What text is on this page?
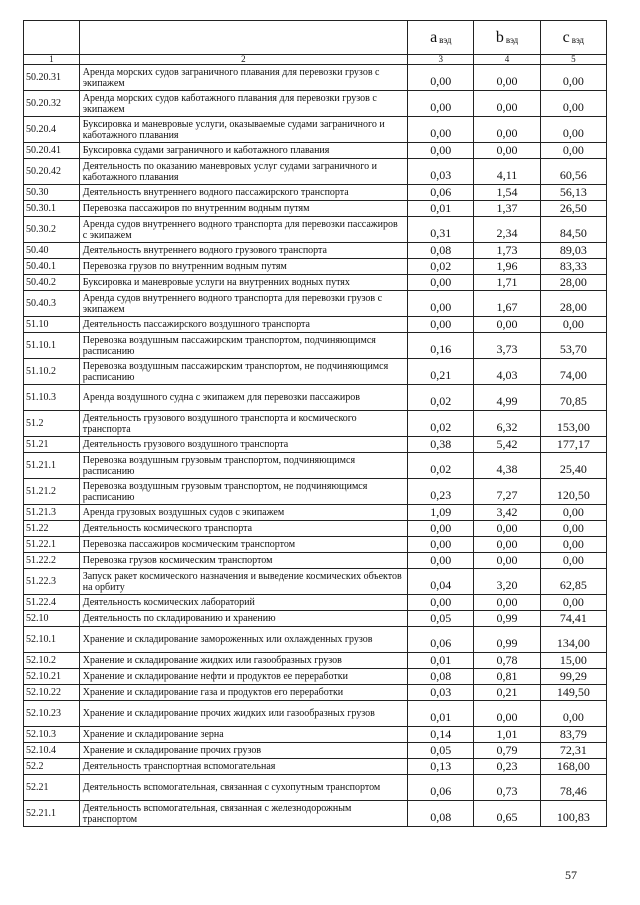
		a $_{вэд}$	b $_{вэд}$	c $_{вэд}$
1	2	3	4	5
50.20.31	Аренда морских судов заграничного плавания для перевозки грузов с экипажем	0,00	0,00	0,00
50.20.32	Аренда морских судов каботажного плавания для перевозки грузов с экипажем	0,00	0,00	0,00
50.20.4	Буксировка и маневровые услуги, оказываемые судами заграничного и каботажного плавания	0,00	0,00	0,00
50.20.41	Буксировка судами заграничного и каботажного плавания	0,00	0,00	0,00
50.20.42	Деятельность по оказанию маневровых услуг судами заграничного и каботажного плавания	0,03	4,11	60,56
50.30	Деятельность внутреннего водного пассажирского транспорта	0,06	1,54	56,13
50.30.1	Перевозка пассажиров по внутренним водным путям	0,01	1,37	26,50
50.30.2	Аренда судов внутреннего водного транспорта для перевозки пассажиров с экипажем	0,31	2,34	84,50
50.40	Деятельность внутреннего водного грузового транспорта	0,08	1,73	89,03
50.40.1	Перевозка грузов по внутренним водным путям	0,02	1,96	83,33
50.40.2	Буксировка и маневровые услуги на внутренних водных путях	0,00	1,71	28,00
50.40.3	Аренда судов внутреннего водного транспорта для перевозки грузов с экипажем	0,00	1,67	28,00
51.10	Деятельность пассажирского воздушного транспорта	0,00	0,00	0,00
51.10.1	Перевозка воздушным пассажирским транспортом, подчиняющимся расписанию	0,16	3,73	53,70
51.10.2	Перевозка воздушным пассажирским транспортом, не подчиняющимся расписанию	0,21	4,03	74,00
51.10.3	Аренда воздушного судна с экипажем для перевозки пассажиров	0,02	4,99	70,85
51.2	Деятельность грузового воздушного транспорта и космического транспорта	0,02	6,32	153,00
51.21	Деятельность грузового воздушного транспорта	0,38	5,42	177,17
51.21.1	Перевозка воздушным грузовым транспортом, подчиняющимся расписанию	0,02	4,38	25,40
51.21.2	Перевозка воздушным грузовым транспортом, не подчиняющимся расписанию	0,23	7,27	120,50
51.21.3	Аренда грузовых воздушных судов с экипажем	1,09	3,42	0,00
51.22	Деятельность космического транспорта	0,00	0,00	0,00
51.22.1	Перевозка пассажиров космическим транспортом	0,00	0,00	0,00
51.22.2	Перевозка грузов космическим транспортом	0,00	0,00	0,00
51.22.3	Запуск ракет космического назначения и выведение космических объектов на орбиту	0,04	3,20	62,85
51.22.4	Деятельность космических лабораторий	0,00	0,00	0,00
52.10	Деятельность по складированию и хранению	0,05	0,99	74,41
52.10.1	Хранение и складирование замороженных или охлажденных грузов	0,06	0,99	134,00
52.10.2	Хранение и складирование жидких или газообразных грузов	0,01	0,78	15,00
52.10.21	Хранение и складирование нефти и продуктов ее переработки	0,08	0,81	99,29
52.10.22	Хранение и складирование газа и продуктов его переработки	0,03	0,21	149,50
52.10.23	Хранение и складирование прочих жидких или газообразных грузов	0,01	0,00	0,00
52.10.3	Хранение и складирование зерна	0,14	1,01	83,79
52.10.4	Хранение и складирование прочих грузов	0,05	0,79	72,31
52.2	Деятельность транспортная вспомогательная	0,13	0,23	168,00
52.21	Деятельность вспомогательная, связанная с сухопутным транспортом	0,06	0,73	78,46
52.21.1	Деятельность вспомогательная, связанная с железнодорожным транспортом	0,08	0,65	100,83
57
